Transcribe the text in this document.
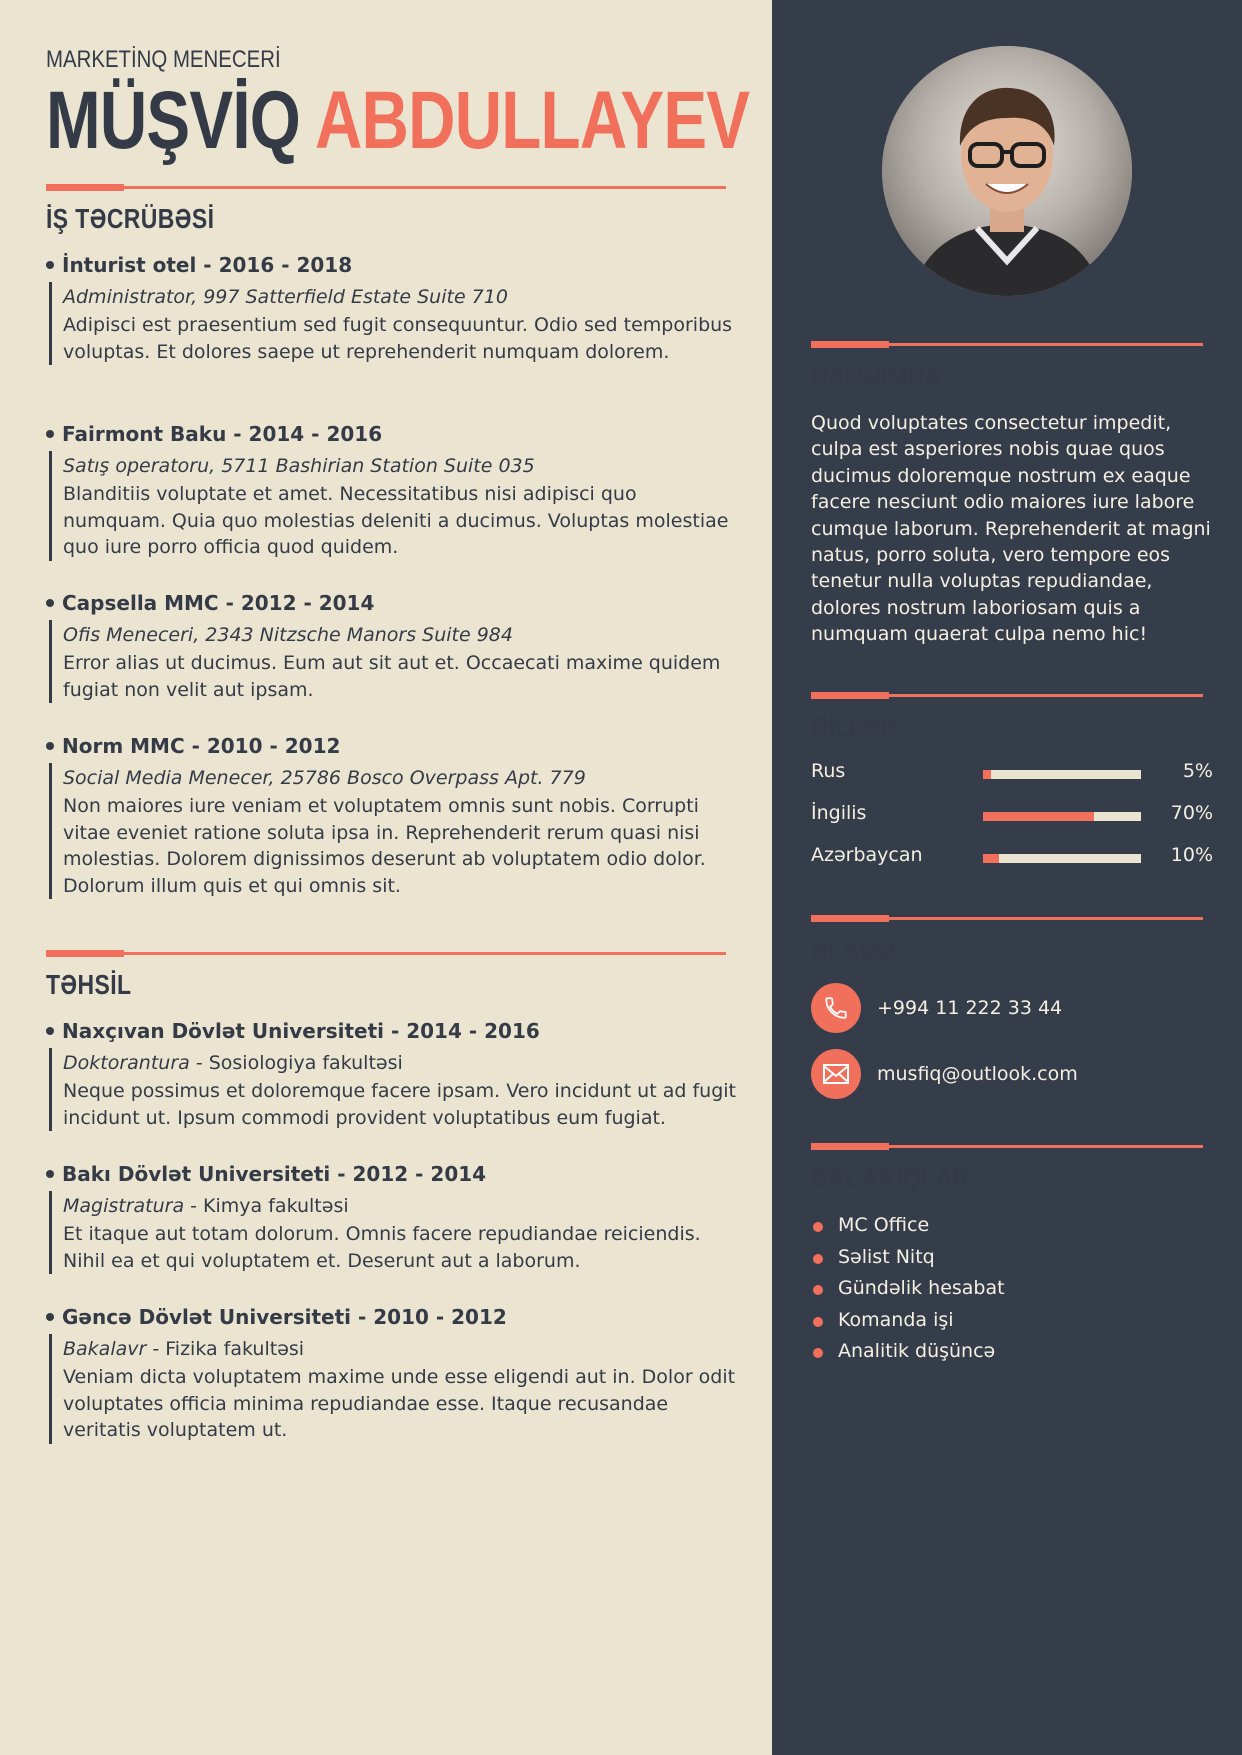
MARKETİNQ MENECERİ
MÜŞVİQ ABDULLAYEV
İŞ TƏCRÜBƏSİ
İnturist otel - 2016 - 2018
Administrator, 997 Satterfield Estate Suite 710
Adipisci est praesentium sed fugit consequuntur. Odio sed temporibus voluptas. Et dolores saepe ut reprehenderit numquam dolorem.
Fairmont Baku - 2014 - 2016
Satış operatoru, 5711 Bashirian Station Suite 035
Blanditiis voluptate et amet. Necessitatibus nisi adipisci quo numquam. Quia quo molestias deleniti a ducimus. Voluptas molestiae quo iure porro officia quod quidem.
Capsella MMC - 2012 - 2014
Ofis Meneceri, 2343 Nitzsche Manors Suite 984
Error alias ut ducimus. Eum aut sit aut et. Occaecati maxime quidem fugiat non velit aut ipsam.
Norm MMC - 2010 - 2012
Social Media Menecer, 25786 Bosco Overpass Apt. 779
Non maiores iure veniam et voluptatem omnis sunt nobis. Corrupti vitae eveniet ratione soluta ipsa in. Reprehenderit rerum quasi nisi molestias. Dolorem dignissimos deserunt ab voluptatem odio dolor. Dolorum illum quis et qui omnis sit.
TƏHSİL
Naxçıvan Dövlət Universiteti - 2014 - 2016
Doktorantura - Sosiologiya fakultəsi
Neque possimus et doloremque facere ipsam. Vero incidunt ut ad fugit incidunt ut. Ipsum commodi provident voluptatibus eum fugiat.
Bakı Dövlət Universiteti - 2012 - 2014
Magistratura - Kimya fakultəsi
Et itaque aut totam dolorum. Omnis facere repudiandae reiciendis. Nihil ea et qui voluptatem et. Deserunt aut a laborum.
Gəncə Dövlət Universiteti - 2010 - 2012
Bakalavr - Fizika fakultəsi
Veniam dicta voluptatem maxime unde esse eligendi aut in. Dolor odit voluptates officia minima repudiandae esse. Itaque recusandae veritatis voluptatem ut.
HAQQIMDA
Quod voluptates consectetur impedit, culpa est asperiores nobis quae quos ducimus doloremque nostrum ex eaque facere nesciunt odio maiores iure labore cumque laborum. Reprehenderit at magni natus, porro soluta, vero tempore eos tenetur nulla voluptas repudiandae, dolores nostrum laboriosam quis a numquam quaerat culpa nemo hic!
DİLLƏR
Rus	5%
İngilis	70%
Azərbaycan	10%
ƏLAQƏ
+994 11 222 33 44
musfiq@outlook.com
BACARIQLAR
MC Office
Səlist Nitq
Gündəlik hesabat
Komanda işi
Analitik düşüncə
